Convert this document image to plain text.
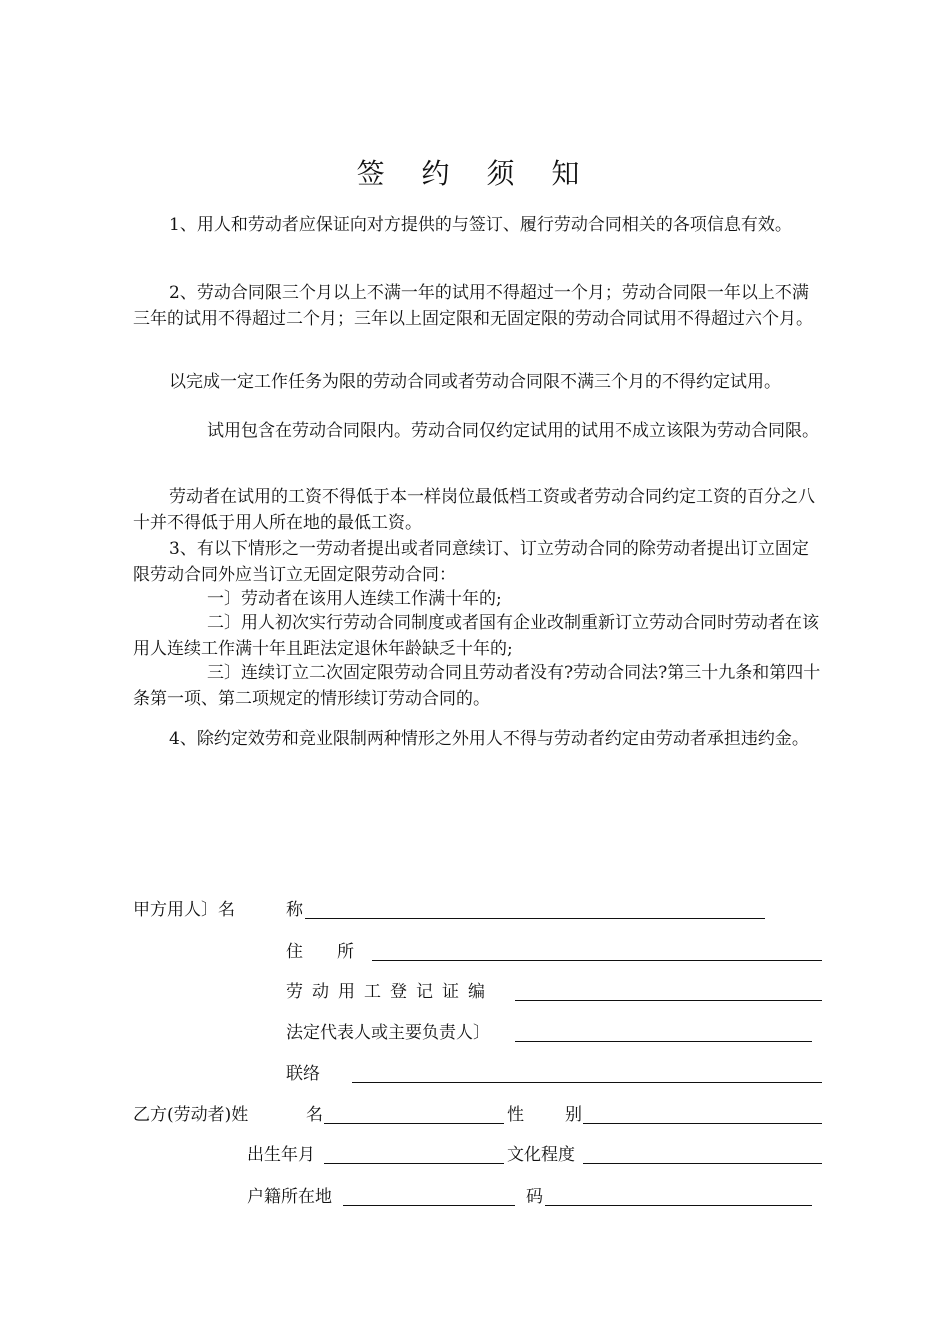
签 约 须 知

1、用人和劳动者应保证向对方提供的与签订、履行劳动合同相关的各项信息有效。

2、劳动合同限三个月以上不满一年的试用不得超过一个月；劳动合同限一年以上不满三年的试用不得超过二个月；三年以上固定限和无固定限的劳动合同试用不得超过六个月。

以完成一定工作任务为限的劳动合同或者劳动合同限不满三个月的不得约定试用。

试用包含在劳动合同限内。劳动合同仅约定试用的试用不成立该限为劳动合同限。

劳动者在试用的工资不得低于本一样岗位最低档工资或者劳动合同约定工资的百分之八十并不得低于用人所在地的最低工资。

3、有以下情形之一劳动者提出或者同意续订、订立劳动合同的除劳动者提出订立固定限劳动合同外应当订立无固定限劳动合同：

一〕劳动者在该用人连续工作满十年的;

二〕用人初次实行劳动合同制度或者国有企业改制重新订立劳动合同时劳动者在该用人连续工作满十年且距法定退休年龄缺乏十年的;

三〕连续订立二次固定限劳动合同且劳动者没有?劳动合同法?第三十九条和第四十条第一项、第二项规定的情形续订劳动合同的。

4、除约定效劳和竞业限制两种情形之外用人不得与劳动者约定由劳动者承担违约金。

甲方用人〕名	称
住　　所
劳动用工登记证编
法定代表人或主要负责人〕
联络
乙方(劳动者)姓	名	性 别
出生年月	文化程度
户籍所在地	码
